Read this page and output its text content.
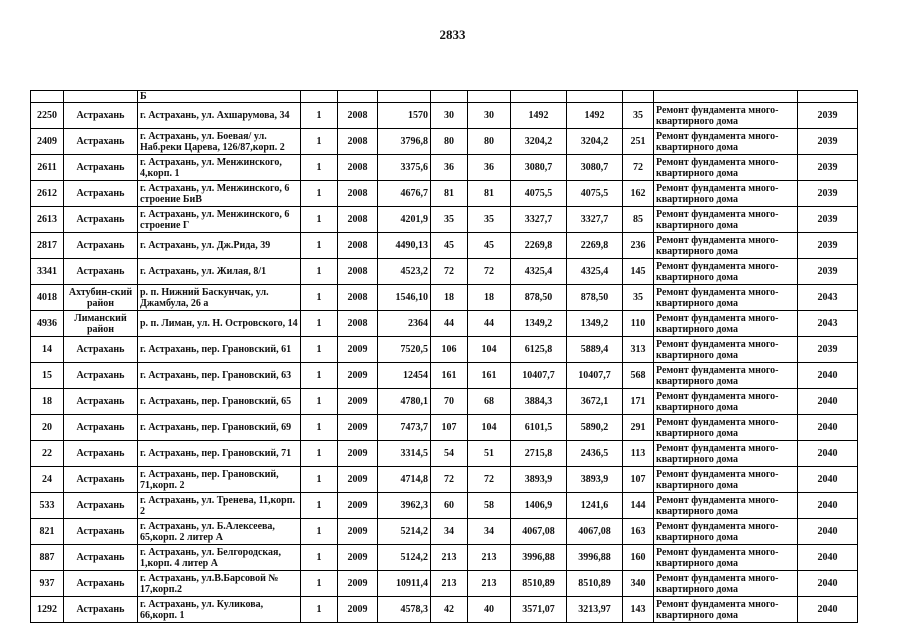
2833
		Б										
2250	Астрахань	г. Астрахань, ул. Ахшарумова, 34	1	2008	1570	30	30	1492	1492	35	Ремонт фундамента много-квартирного дома	2039
2409	Астрахань	г. Астрахань, ул. Боевая/ ул. Наб.реки Царева, 126/87,корп. 2	1	2008	3796,8	80	80	3204,2	3204,2	251	Ремонт фундамента много-квартирного дома	2039
2611	Астрахань	г. Астрахань, ул. Менжинского, 4,корп. 1	1	2008	3375,6	36	36	3080,7	3080,7	72	Ремонт фундамента много-квартирного дома	2039
2612	Астрахань	г. Астрахань, ул. Менжинского, 6 строение БиВ	1	2008	4676,7	81	81	4075,5	4075,5	162	Ремонт фундамента много-квартирного дома	2039
2613	Астрахань	г. Астрахань, ул. Менжинского, 6 строение Г	1	2008	4201,9	35	35	3327,7	3327,7	85	Ремонт фундамента много-квартирного дома	2039
2817	Астрахань	г. Астрахань, ул. Дж.Рида, 39	1	2008	4490,13	45	45	2269,8	2269,8	236	Ремонт фундамента много-квартирного дома	2039
3341	Астрахань	г. Астрахань, ул. Жилая, 8/1	1	2008	4523,2	72	72	4325,4	4325,4	145	Ремонт фундамента много-квартирного дома	2039
4018	Ахтубин-ский район	р. п. Нижний Баскунчак, ул. Джамбула, 26 а	1	2008	1546,10	18	18	878,50	878,50	35	Ремонт фундамента много-квартирного дома	2043
4936	Лиманский район	р. п. Лиман, ул. Н. Островского, 14	1	2008	2364	44	44	1349,2	1349,2	110	Ремонт фундамента много-квартирного дома	2043
14	Астрахань	г. Астрахань, пер. Грановский, 61	1	2009	7520,5	106	104	6125,8	5889,4	313	Ремонт фундамента много-квартирного дома	2039
15	Астрахань	г. Астрахань, пер. Грановский, 63	1	2009	12454	161	161	10407,7	10407,7	568	Ремонт фундамента много-квартирного дома	2040
18	Астрахань	г. Астрахань, пер. Грановский, 65	1	2009	4780,1	70	68	3884,3	3672,1	171	Ремонт фундамента много-квартирного дома	2040
20	Астрахань	г. Астрахань, пер. Грановский, 69	1	2009	7473,7	107	104	6101,5	5890,2	291	Ремонт фундамента много-квартирного дома	2040
22	Астрахань	г. Астрахань, пер. Грановский, 71	1	2009	3314,5	54	51	2715,8	2436,5	113	Ремонт фундамента много-квартирного дома	2040
24	Астрахань	г. Астрахань, пер. Грановский, 71,корп. 2	1	2009	4714,8	72	72	3893,9	3893,9	107	Ремонт фундамента много-квартирного дома	2040
533	Астрахань	г. Астрахань, ул. Тренева, 11,корп. 2	1	2009	3962,3	60	58	1406,9	1241,6	144	Ремонт фундамента много-квартирного дома	2040
821	Астрахань	г. Астрахань, ул. Б.Алексеева, 65,корп. 2 литер А	1	2009	5214,2	34	34	4067,08	4067,08	163	Ремонт фундамента много-квартирного дома	2040
887	Астрахань	г. Астрахань, ул. Белгородская, 1,корп. 4 литер А	1	2009	5124,2	213	213	3996,88	3996,88	160	Ремонт фундамента много-квартирного дома	2040
937	Астрахань	г. Астрахань, ул.В.Барсовой № 17,корп.2	1	2009	10911,4	213	213	8510,89	8510,89	340	Ремонт фундамента много-квартирного дома	2040
1292	Астрахань	г. Астрахань, ул. Куликова, 66,корп. 1	1	2009	4578,3	42	40	3571,07	3213,97	143	Ремонт фундамента много-квартирного дома	2040
